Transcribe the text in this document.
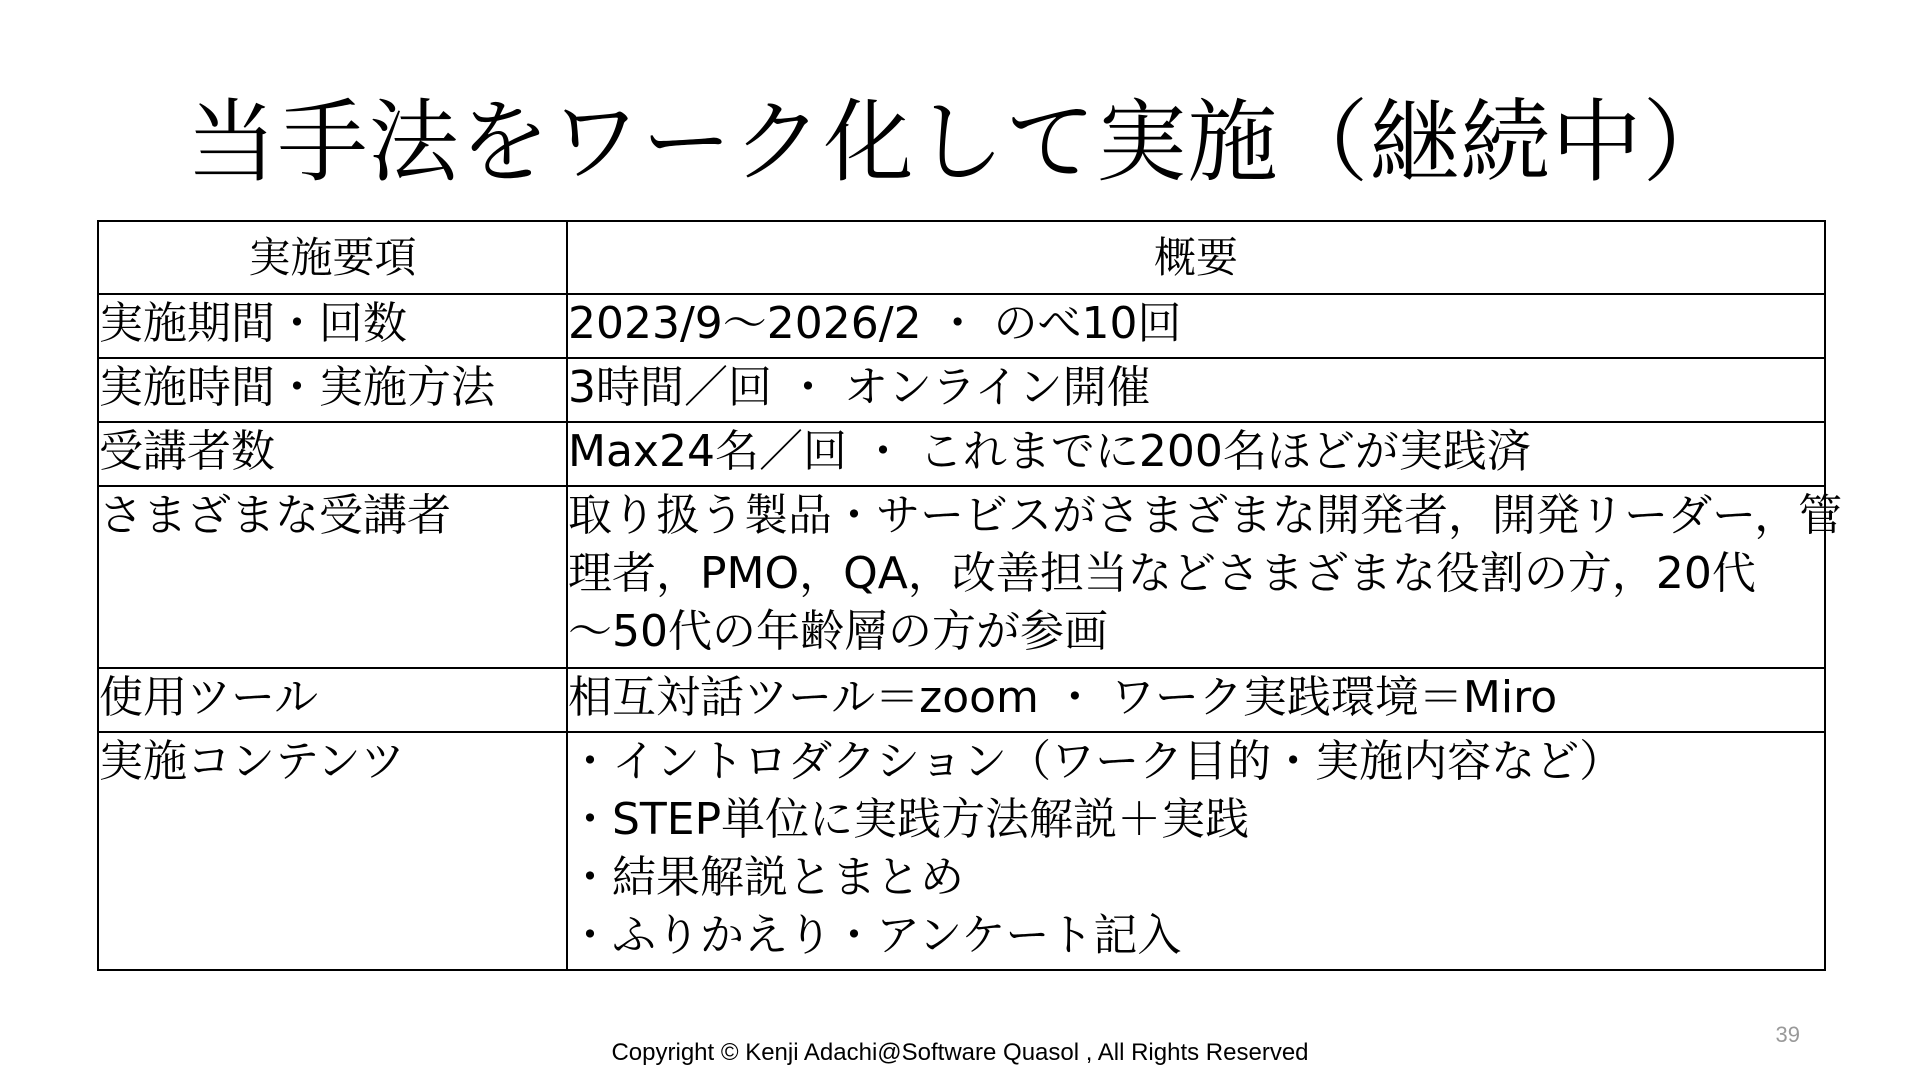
当手法をワーク化して実施（継続中）
実施要項	概要
実施期間・回数	2023/9～2026/2 ・ のべ10回

実施時間・実施方法	3時間／回 ・ オンライン開催

受講者数	Max24名／回 ・ これまでに200名ほどが実践済

さまざまな受講者	取り扱う製品・サービスがさまざまな開発者，開発リーダー，管
理者，PMO，QA，改善担当などさまざまな役割の方，20代
～50代の年齢層の方が参画

使用ツール	相互対話ツール＝zoom ・ ワーク実践環境＝Miro

実施コンテンツ	・イントロダクション（ワーク目的・実施内容など）
・STEP単位に実践方法解説＋実践
・結果解説とまとめ
・ふりかえり・アンケート記入
39
Copyright © Kenji Adachi@Software Quasol , All Rights Reserved
